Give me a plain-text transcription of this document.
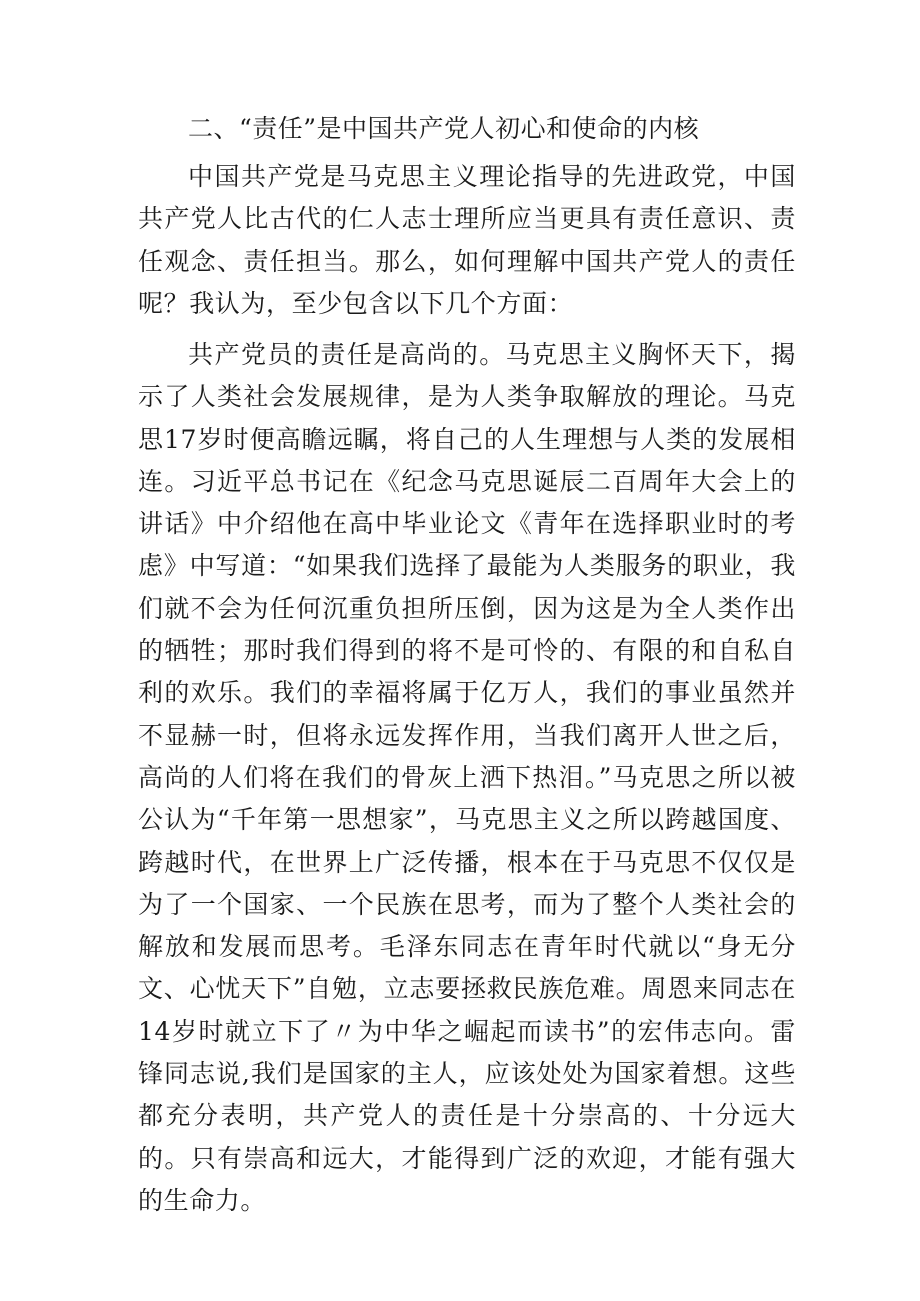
二、“责任”是中国共产党人初心和使命的内核

中国共产党是马克思主义理论指导的先进政党，中国共产党人比古代的仁人志士理所应当更具有责任意识、责任观念、责任担当。那么，如何理解中国共产党人的责任呢？我认为，至少包含以下几个方面：

共产党员的责任是高尚的。马克思主义胸怀天下，揭示了人类社会发展规律，是为人类争取解放的理论。马克思17岁时便高瞻远瞩，将自己的人生理想与人类的发展相连。习近平总书记在《纪念马克思诞辰二百周年大会上的讲话》中介绍他在高中毕业论文《青年在选择职业时的考虑》中写道：“如果我们选择了最能为人类服务的职业，我们就不会为任何沉重负担所压倒，因为这是为全人类作出的牺牲；那时我们得到的将不是可怜的、有限的和自私自利的欢乐。我们的幸福将属于亿万人，我们的事业虽然并不显赫一时，但将永远发挥作用，当我们离开人世之后，高尚的人们将在我们的骨灰上洒下热泪。”马克思之所以被公认为“千年第一思想家”，马克思主义之所以跨越国度、跨越时代，在世界上广泛传播，根本在于马克思不仅仅是为了一个国家、一个民族在思考，而为了整个人类社会的解放和发展而思考。毛泽东同志在青年时代就以“身无分文、心忧天下”自勉，立志要拯救民族危难。周恩来同志在14岁时就立下了〃为中华之崛起而读书”的宏伟志向。雷锋同志说,我们是国家的主人，应该处处为国家着想。这些都充分表明，共产党人的责任是十分崇高的、十分远大的。只有崇高和远大，才能得到广泛的欢迎，才能有强大的生命力。
